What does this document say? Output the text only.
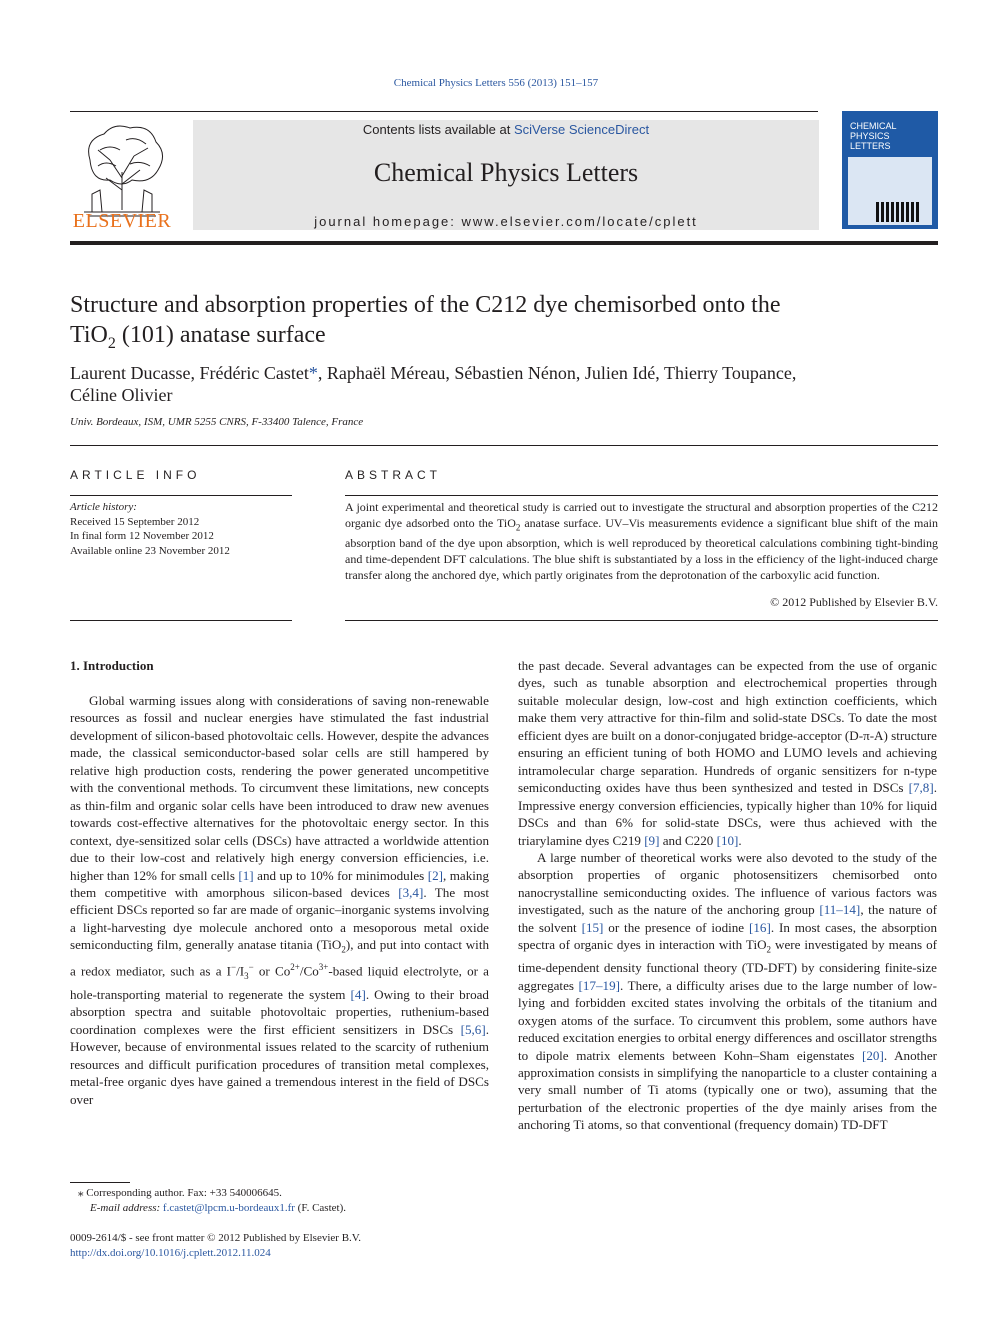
Chemical Physics Letters 556 (2013) 151–157
ELSEVIER
Contents lists available at SciVerse ScienceDirect
Chemical Physics Letters
journal homepage: www.elsevier.com/locate/cplett
CHEMICAL
PHYSICS
LETTERS
Structure and absorption properties of the C212 dye chemisorbed onto the
TiO$_2$ (101) anatase surface
Laurent Ducasse, Frédéric Castet*, Raphaël Méreau, Sébastien Nénon, Julien Idé, Thierry Toupance,
Céline Olivier
Univ. Bordeaux, ISM, UMR 5255 CNRS, F-33400 Talence, France
ARTICLE INFO
Article history:
Received 15 September 2012
In final form 12 November 2012
Available online 23 November 2012
ABSTRACT
A joint experimental and theoretical study is carried out to investigate the structural and absorption properties of the C212 organic dye adsorbed onto the TiO$_2$ anatase surface. UV–Vis measurements evidence a significant blue shift of the main absorption band of the dye upon absorption, which is well reproduced by theoretical calculations combining tight-binding and time-dependent DFT calculations. The blue shift is substantiated by a loss in the efficiency of the light-induced charge transfer along the anchored dye, which partly originates from the deprotonation of the carboxylic acid function.
© 2012 Published by Elsevier B.V.
1. Introduction

Global warming issues along with considerations of saving non-renewable resources as fossil and nuclear energies have stimulated the fast industrial development of silicon-based photovoltaic cells. However, despite the advances made, the classical semiconductor-based solar cells are still hampered by relative high production costs, rendering the power generated uncompetitive with the conventional methods. To circumvent these limitations, new concepts as thin-film and organic solar cells have been introduced to draw new avenues towards cost-effective alternatives for the photovoltaic energy sector. In this context, dye-sensitized solar cells (DSCs) have attracted a worldwide attention due to their low-cost and relatively high energy conversion efficiencies, i.e. higher than 12% for small cells [1] and up to 10% for minimodules [2], making them competitive with amorphous silicon-based devices [3,4]. The most efficient DSCs reported so far are made of organic–inorganic systems involving a light-harvesting dye molecule anchored onto a mesoporous metal oxide semiconducting film, generally anatase titania (TiO$_2$), and put into contact with a redox mediator, such as a $I^-/I_3^-$ or $Co^{2+}/Co^{3+}$-based liquid electrolyte, or a hole-transporting material to regenerate the system [4]. Owing to their broad absorption spectra and suitable photovoltaic properties, ruthenium-based coordination complexes were the first efficient sensitizers in DSCs [5,6]. However, because of environmental issues related to the scarcity of ruthenium resources and difficult purification procedures of transition metal complexes, metal-free organic dyes have gained a tremendous interest in the field of DSCs over

the past decade. Several advantages can be expected from the use of organic dyes, such as tunable absorption and electrochemical properties through suitable molecular design, low-cost and high extinction coefficients, which make them very attractive for thin-film and solid-state DSCs. To date the most efficient dyes are built on a donor-conjugated bridge-acceptor (D-π-A) structure ensuring an efficient tuning of both HOMO and LUMO levels and achieving intramolecular charge separation. Hundreds of organic sensitizers for n-type semiconducting oxides have thus been synthesized and tested in DSCs [7,8]. Impressive energy conversion efficiencies, typically higher than 10% for liquid DSCs and than 6% for solid-state DSCs, were thus achieved with the triarylamine dyes C219 [9] and C220 [10].

A large number of theoretical works were also devoted to the study of the absorption properties of organic photosensitizers chemisorbed onto nanocrystalline semiconducting oxides. The influence of various factors was investigated, such as the nature of the anchoring group [11–14], the nature of the solvent [15] or the presence of iodine [16]. In most cases, the absorption spectra of organic dyes in interaction with TiO$_2$ were investigated by means of time-dependent density functional theory (TD-DFT) by considering finite-size aggregates [17–19]. There, a difficulty arises due to the large number of low-lying and forbidden excited states involving the orbitals of the titanium and oxygen atoms of the surface. To circumvent this problem, some authors have reduced excitation energies to orbital energy differences and oscillator strengths to dipole matrix elements between Kohn–Sham eigenstates [20]. Another approximation consists in simplifying the nanoparticle to a cluster containing a very small number of Ti atoms (typically one or two), assuming that the perturbation of the electronic properties of the dye mainly arises from the anchoring Ti atoms, so that conventional (frequency domain) TD-DFT

⁎ Corresponding author. Fax: +33 540006645.
E-mail address: f.castet@lpcm.u-bordeaux1.fr (F. Castet).
0009-2614/$ - see front matter © 2012 Published by Elsevier B.V.
http://dx.doi.org/10.1016/j.cplett.2012.11.024
